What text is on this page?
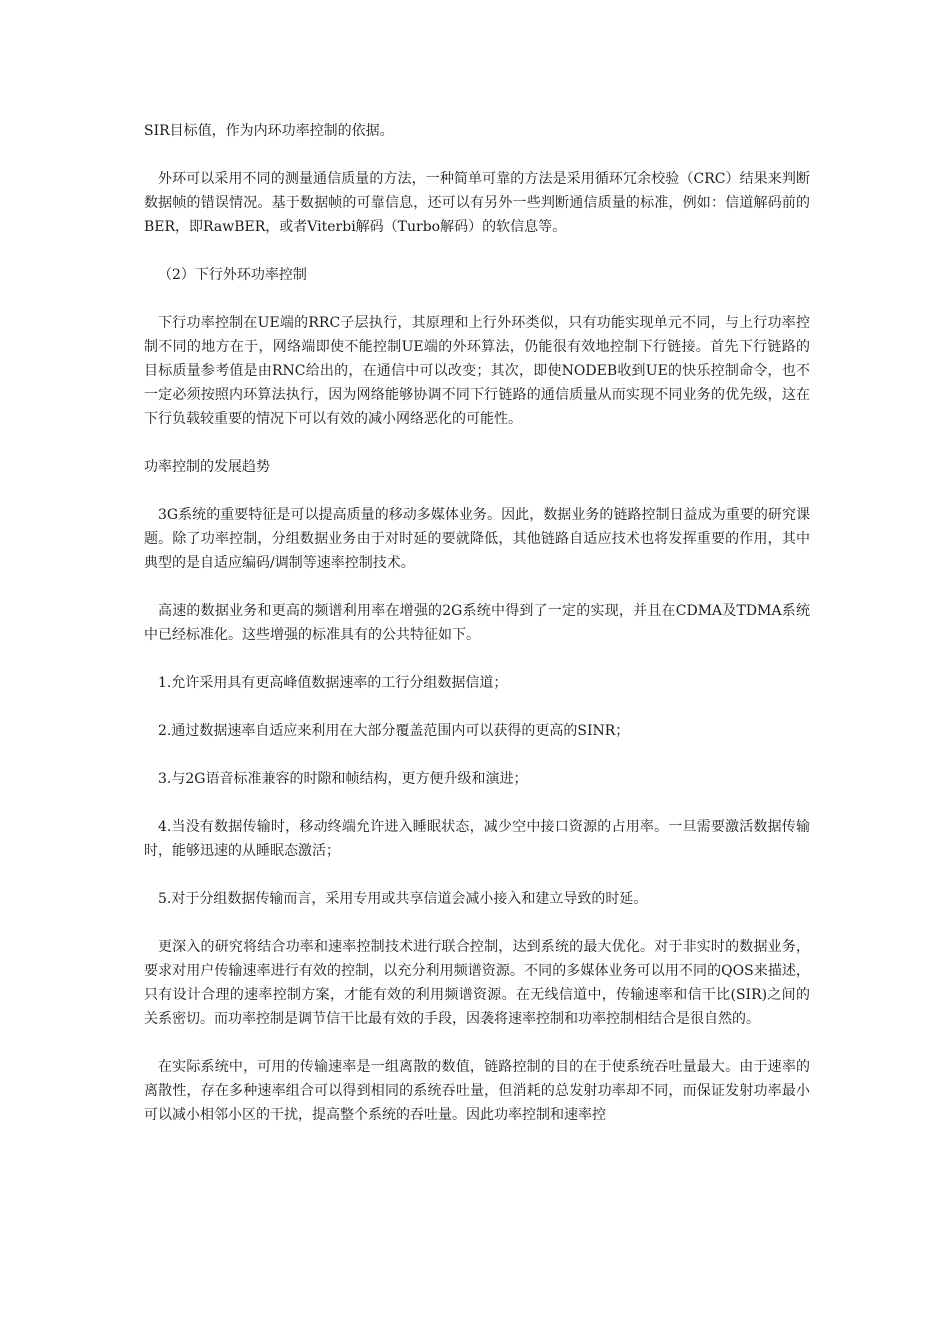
SIR目标值，作为内环功率控制的依据。

外环可以采用不同的测量通信质量的方法，一种简单可靠的方法是采用循环冗余校验（CRC）结果来判断数据帧的错误情况。基于数据帧的可靠信息，还可以有另外一些判断通信质量的标准，例如：信道解码前的BER，即RawBER，或者Viterbi解码（Turbo解码）的软信息等。

（2）下行外环功率控制

下行功率控制在UE端的RRC子层执行，其原理和上行外环类似，只有功能实现单元不同，与上行功率控制不同的地方在于，网络端即使不能控制UE端的外环算法，仍能很有效地控制下行链接。首先下行链路的目标质量参考值是由RNC给出的，在通信中可以改变；其次，即使NODEB收到UE的快乐控制命令，也不一定必须按照内环算法执行，因为网络能够协调不同下行链路的通信质量从而实现不同业务的优先级，这在下行负载较重要的情况下可以有效的减小网络恶化的可能性。

功率控制的发展趋势

3G系统的重要特征是可以提高质量的移动多媒体业务。因此，数据业务的链路控制日益成为重要的研究课题。除了功率控制，分组数据业务由于对时延的要就降低，其他链路自适应技术也将发挥重要的作用，其中典型的是自适应编码/调制等速率控制技术。

高速的数据业务和更高的频谱利用率在增强的2G系统中得到了一定的实现，并且在CDMA及TDMA系统中已经标准化。这些增强的标准具有的公共特征如下。

1.允许采用具有更高峰值数据速率的工行分组数据信道；

2.通过数据速率自适应来利用在大部分覆盖范围内可以获得的更高的SINR；

3.与2G语音标准兼容的时隙和帧结构，更方便升级和演进；

4.当没有数据传输时，移动终端允许进入睡眠状态，减少空中接口资源的占用率。一旦需要激活数据传输时，能够迅速的从睡眠态激活；

5.对于分组数据传输而言，采用专用或共享信道会减小接入和建立导致的时延。

更深入的研究将结合功率和速率控制技术进行联合控制，达到系统的最大优化。对于非实时的数据业务，要求对用户传输速率进行有效的控制，以充分利用频谱资源。不同的多媒体业务可以用不同的QOS来描述，只有设计合理的速率控制方案，才能有效的利用频谱资源。在无线信道中，传输速率和信干比(SIR)之间的关系密切。而功率控制是调节信干比最有效的手段，因袭将速率控制和功率控制相结合是很自然的。

在实际系统中，可用的传输速率是一组离散的数值，链路控制的目的在于使系统吞吐量最大。由于速率的离散性，存在多种速率组合可以得到相同的系统吞吐量，但消耗的总发射功率却不同，而保证发射功率最小可以减小相邻小区的干扰，提高整个系统的吞吐量。因此功率控制和速率控
